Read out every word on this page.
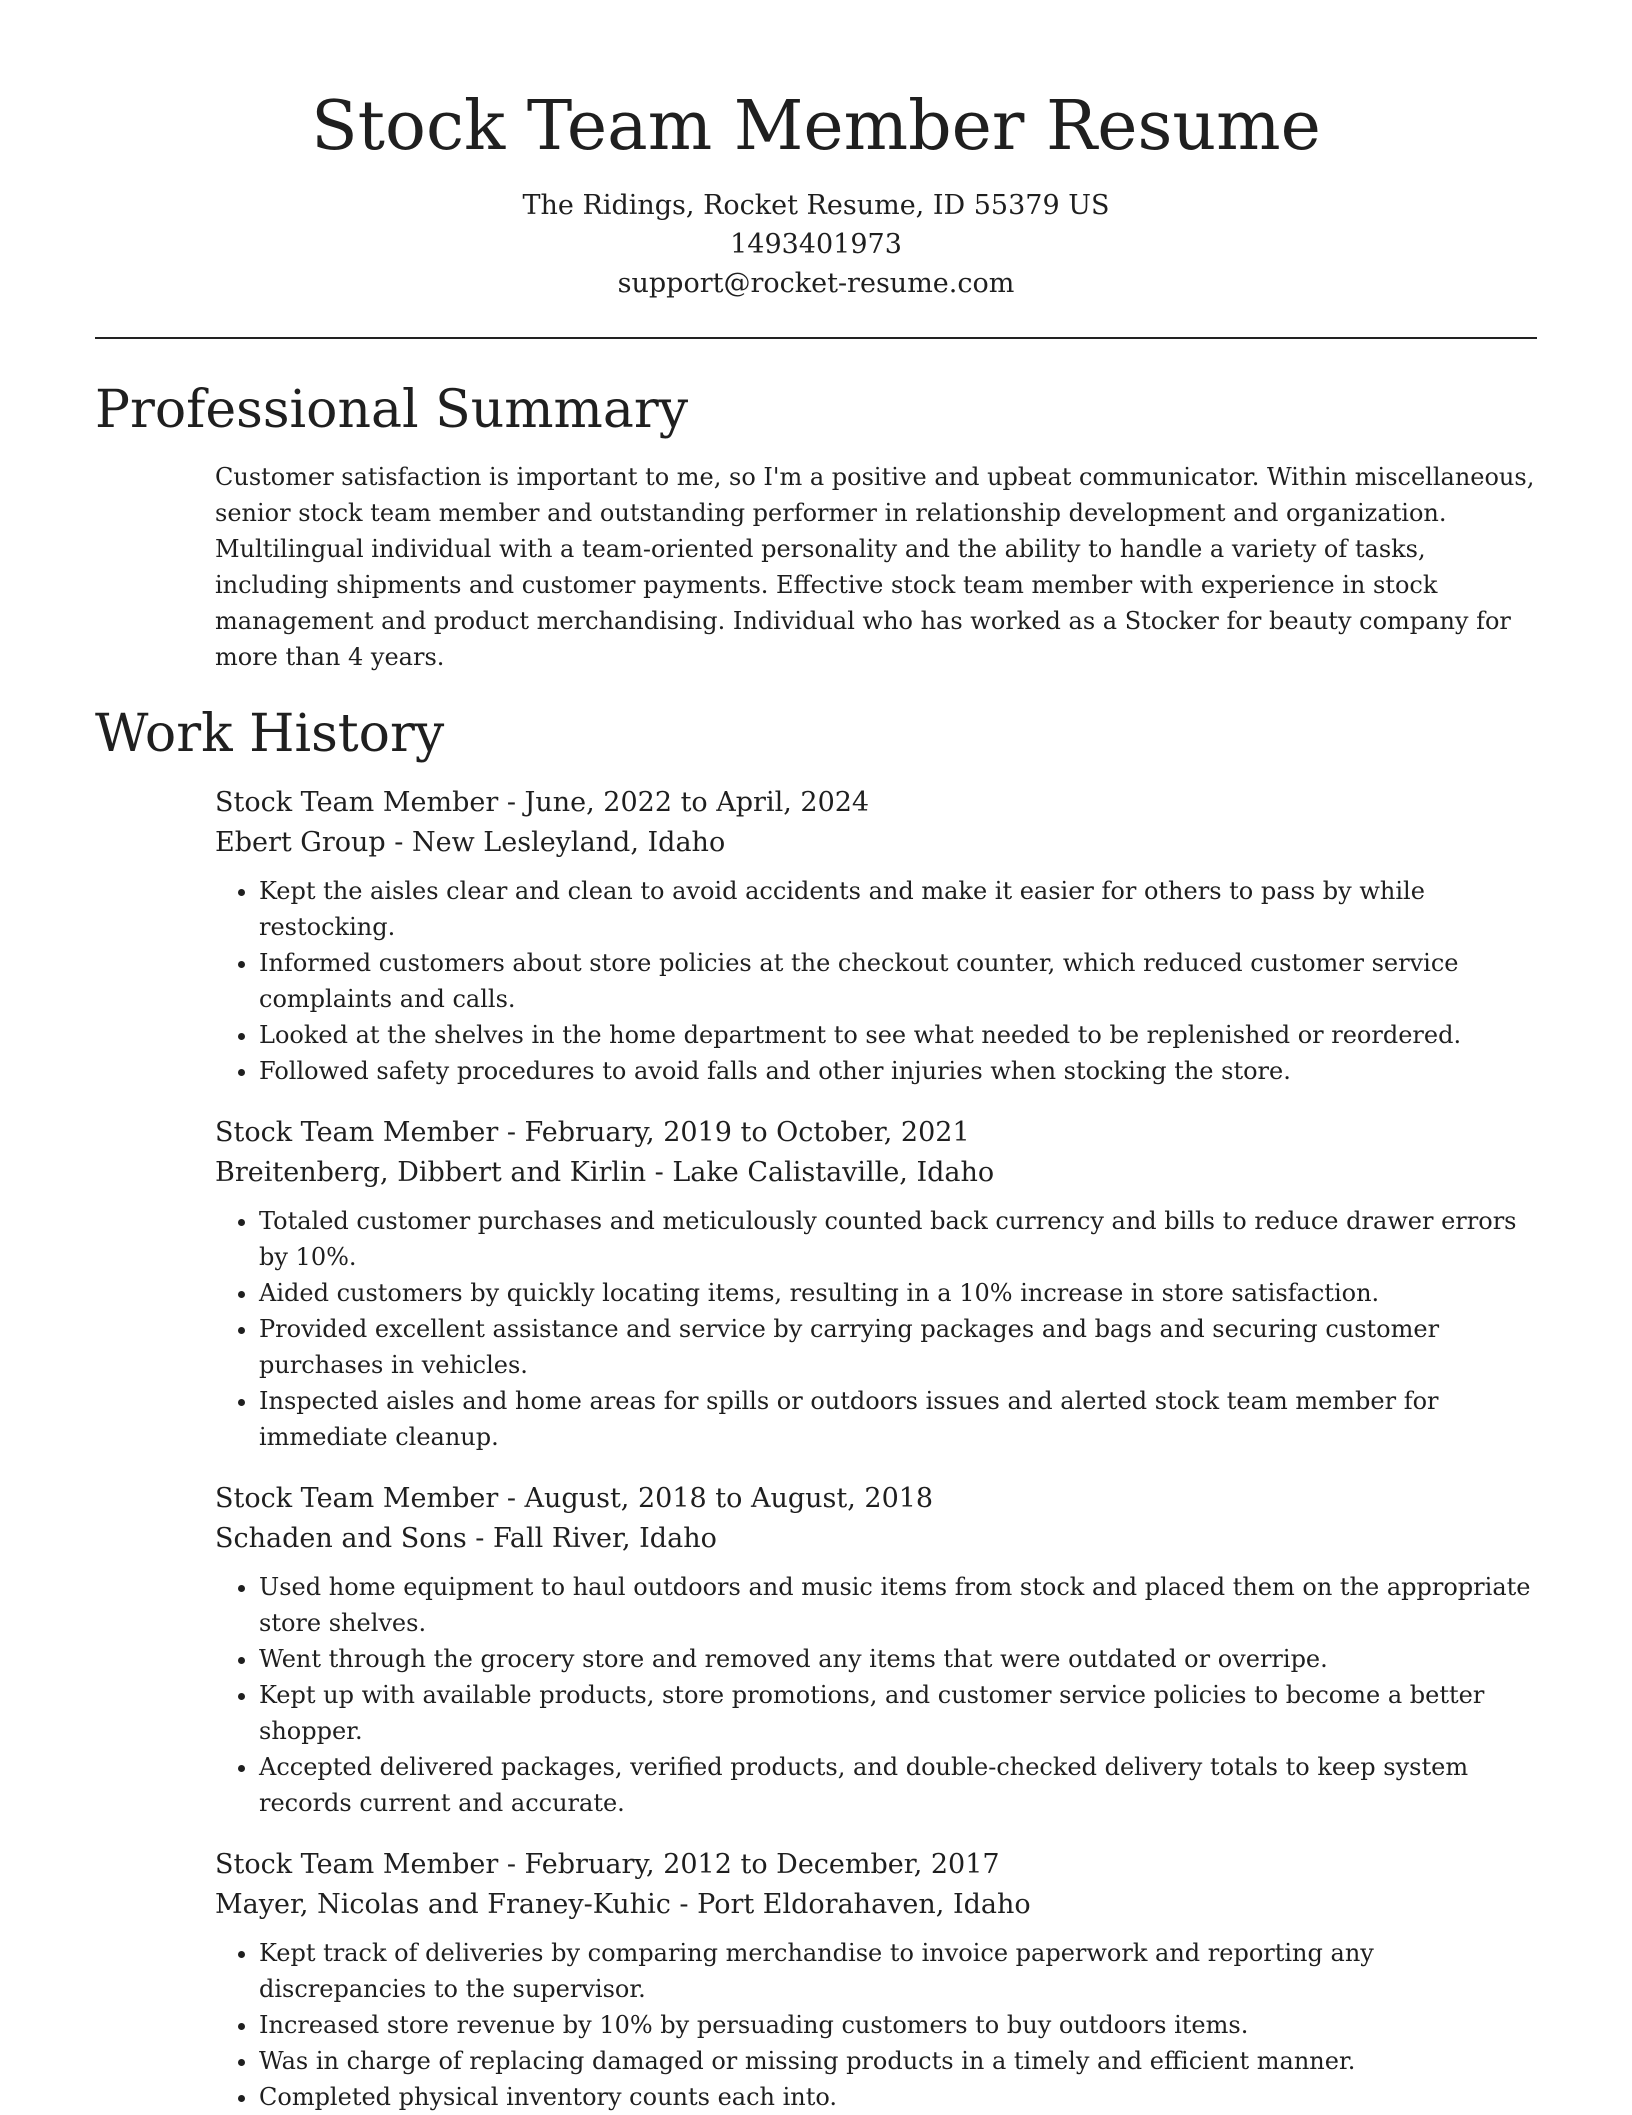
Stock Team Member Resume
The Ridings, Rocket Resume, ID 55379 US
1493401973
support@rocket-resume.com
Professional Summary
Customer satisfaction is important to me, so I'm a positive and upbeat communicator. Within miscellaneous, senior stock team member and outstanding performer in relationship development and organization. Multilingual individual with a team-oriented personality and the ability to handle a variety of tasks, including shipments and customer payments. Effective stock team member with experience in stock management and product merchandising. Individual who has worked as a Stocker for beauty company for more than 4 years.
Work History
Stock Team Member - June, 2022 to April, 2024
Ebert Group - New Lesleyland, Idaho
• Kept the aisles clear and clean to avoid accidents and make it easier for others to pass by while restocking.
• Informed customers about store policies at the checkout counter, which reduced customer service complaints and calls.
• Looked at the shelves in the home department to see what needed to be replenished or reordered.
• Followed safety procedures to avoid falls and other injuries when stocking the store.
Stock Team Member - February, 2019 to October, 2021
Breitenberg, Dibbert and Kirlin - Lake Calistaville, Idaho
• Totaled customer purchases and meticulously counted back currency and bills to reduce drawer errors by 10%.
• Aided customers by quickly locating items, resulting in a 10% increase in store satisfaction.
• Provided excellent assistance and service by carrying packages and bags and securing customer purchases in vehicles.
• Inspected aisles and home areas for spills or outdoors issues and alerted stock team member for immediate cleanup.
Stock Team Member - August, 2018 to August, 2018
Schaden and Sons - Fall River, Idaho
• Used home equipment to haul outdoors and music items from stock and placed them on the appropriate store shelves.
• Went through the grocery store and removed any items that were outdated or overripe.
• Kept up with available products, store promotions, and customer service policies to become a better shopper.
• Accepted delivered packages, verified products, and double-checked delivery totals to keep system records current and accurate.
Stock Team Member - February, 2012 to December, 2017
Mayer, Nicolas and Franey-Kuhic - Port Eldorahaven, Idaho
• Kept track of deliveries by comparing merchandise to invoice paperwork and reporting any discrepancies to the supervisor.
• Increased store revenue by 10% by persuading customers to buy outdoors items.
• Was in charge of replacing damaged or missing products in a timely and efficient manner.
• Completed physical inventory counts each into.
